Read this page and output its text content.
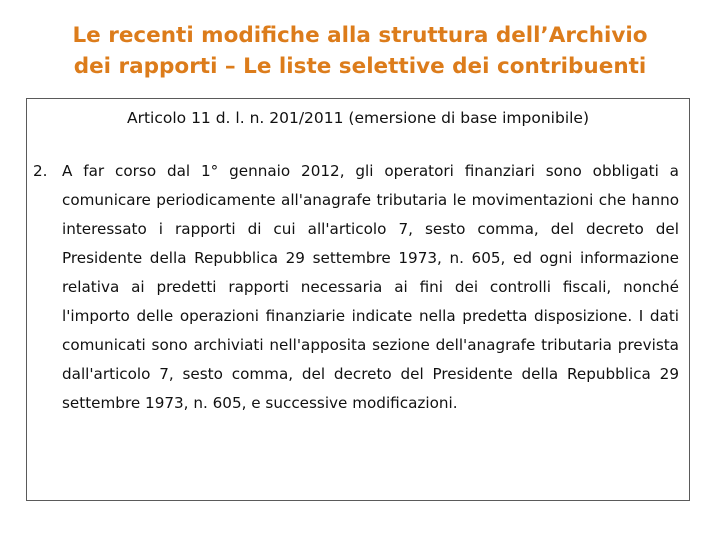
Le recenti modifiche alla struttura dell’Archivio
dei rapporti – Le liste selettive dei contribuenti

Articolo 11 d. l. n. 201/2011 (emersione di base imponibile)

2. A far corso dal 1° gennaio 2012, gli operatori finanziari sono obbligati a comunicare periodicamente all'anagrafe tributaria le movimentazioni che hanno interessato i rapporti di cui all'articolo 7, sesto comma, del decreto del Presidente della Repubblica 29 settembre 1973, n. 605, ed ogni informazione relativa ai predetti rapporti necessaria ai fini dei controlli fiscali, nonché l'importo delle operazioni finanziarie indicate nella predetta disposizione. I dati comunicati sono archiviati nell'apposita sezione dell'anagrafe tributaria prevista dall'articolo 7, sesto comma, del decreto del Presidente della Repubblica 29 settembre 1973, n. 605, e successive modificazioni.
